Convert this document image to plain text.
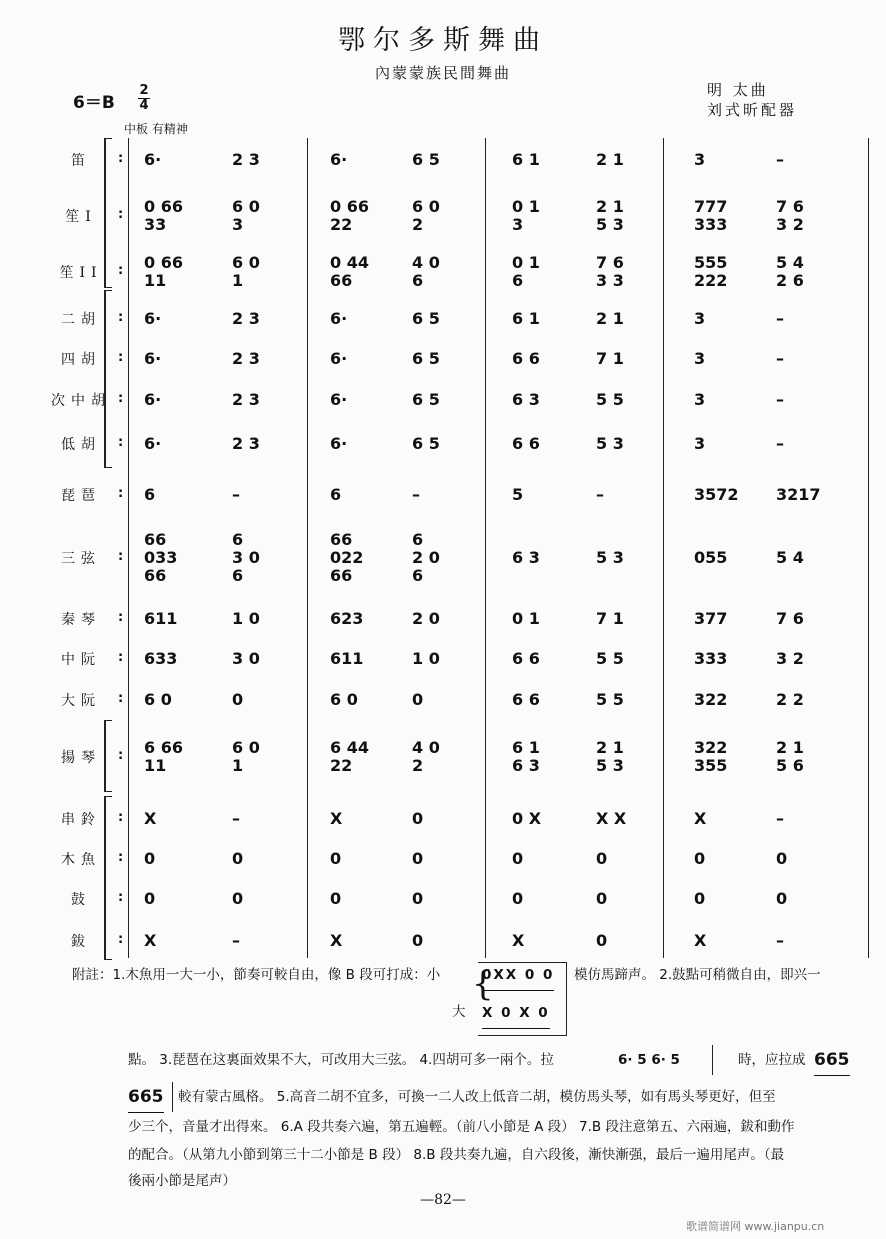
鄂尔多斯舞曲
內蒙蒙族民間舞曲
明 太曲
刘式昕配器
6＝B
2
4
中板 有精神
笛	: 6·	2 3	6·	6 5	6 1	2 1	3	–
笙I	: 0 66	6 0	0 66	6 0	0 1	2 1	777	7 6
33	3	22	2	3	5 3	333	3 2
笙II	: 0 66	6 0	0 44	4 0	0 1	7 6	555	5 4
11	1	66	6	6	3 3	222	2 6
二胡	: 6·	2 3	6·	6 5	6 1	2 1	3	–
四胡	: 6·	2 3	6·	6 5	6 6	7 1	3	–
次中胡 : 6·	2 3	6·	6 5	6 3	5 5	3	–
低胡	: 6·	2 3	6·	6 5	6 6	5 3	3	–
琵琶	: 6	–	6	–	5	–	3572 3217
三弦	:
66	6	66	6
033	3 0	022	2 0	6 3	5 3	055	5 4
66	6	66	6
秦琴	: 611	1 0	623	2 0	0 1	7 1	377	7 6
中阮	: 633	3 0	611	1 0	6 6	5 5	333	3 2
大阮	: 6 0	0	6 0	0	6 6	5 5	322	2 2
揚琴	: 6 66	6 0	6 44	4 0	6 1	2 1	322	2 1
11	1	22	2	6 3	5 3	355	5 6
串鈴	: X	–	X	0	0 X	X X	X	–
木魚	: 0	0	0	0	0	0	0	0
鼓	: 0	0	0	0	0	0	0	0
鈸	: X	–	X	0	X	0	X	–
附註：1.木魚用一大一小，節奏可較自由，像 B 段可打成：小 {
0XX 0 0
大 X 0 X 0
模仿馬蹄声。 2.鼓點可稍微自由，即兴一
點。 3.琵琶在这裏面效果不大，可改用大三弦。 4.四胡可多一兩个。拉	6· 5 6· 5	時，应拉成 665
665 較有蒙古風格。 5.高音二胡不宜多，可換一二人改上低音二胡，模仿馬头琴，如有馬头琴更好，但至
少三个，音量才出得來。 6.A 段共奏六遍，第五遍輕。（前八小節是 A 段） 7.B 段注意第五、六兩遍，鈸和動作
的配合。（从第九小節到第三十二小節是 B 段） 8.B 段共奏九遍，自六段後，漸快漸强，最后一遍用尾声。（最
後兩小節是尾声）
—82—
歌谱简谱网 www.jianpu.cn
